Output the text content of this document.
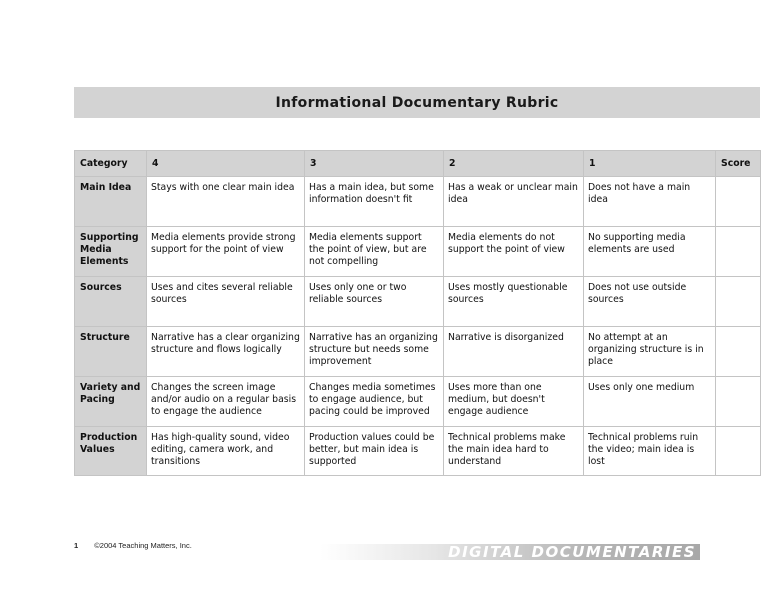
Informational Documentary Rubric
Category	4	3	2	1	Score
Main Idea	Stays with one clear main idea	Has a main idea, but some information doesn't fit	Has a weak or unclear main idea	Does not have a main idea	
Supporting Media Elements	Media elements provide strong support for the point of view	Media elements support the point of view, but are not compelling	Media elements do not support the point of view	No supporting media elements are used	
Sources	Uses and cites several reliable sources	Uses only one or two reliable sources	Uses mostly questionable sources	Does not use outside sources	
Structure	Narrative has a clear organizing structure and flows logically	Narrative has an organizing structure but needs some improvement	Narrative is disorganized	No attempt at an organizing structure is in place	
Variety and Pacing	Changes the screen image and/or audio on a regular basis to engage the audience	Changes media sometimes to engage audience, but pacing could be improved	Uses more than one medium, but doesn't engage audience	Uses only one medium	
Production Values	Has high-quality sound, video editing, camera work, and transitions	Production values could be better, but main idea is supported	Technical problems make the main idea hard to understand	Technical problems ruin the video; main idea is lost	
1 ©2004 Teaching Matters, Inc.	DIGITAL DOCUMENTARIES
